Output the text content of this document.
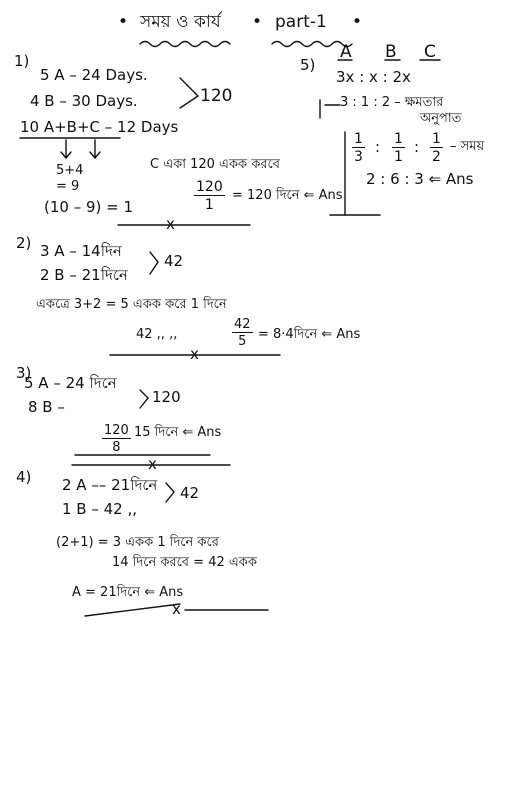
• সময় ও কার্য • part-1 •
1)
5 A – 24 Days.
4 B – 30 Days.	120
10 A+B+C – 12 Days
5+4
= 9
(10 – 9) = 1
C একা 120 একক করবে
$\frac{120}{1} = 120$ দিনে ⇐ Ans
x
5)
A B C
3x : x : 2x
3 : 1 : 2 – ক্ষমতার
অনুপাত
$\frac{1}{3}$ : $\frac{1}{1}$ : $\frac{1}{2}$ – সময়
2 : 6 : 3 ⇐ Ans
2) 3 A – 14দিন
2 B – 21দিনে
42
একত্রে 3+2 = 5 একক করে 1 দিনে
42 ,, ,,	$\frac{42}{5}$ = 8·4দিনে ⇐ Ans
x
3)
5 A – 24 দিনে
8 B –
120
$\frac{120}{8} 15$ দিনে ⇐ Ans
x
4) 2 A –– 21দিনে
1 B – 42 ,,
42
(2+1) = 3 একক 1 দিনে করে
14 দিনে করবে = 42 একক
A = 21দিনে ⇐ Ans
x
